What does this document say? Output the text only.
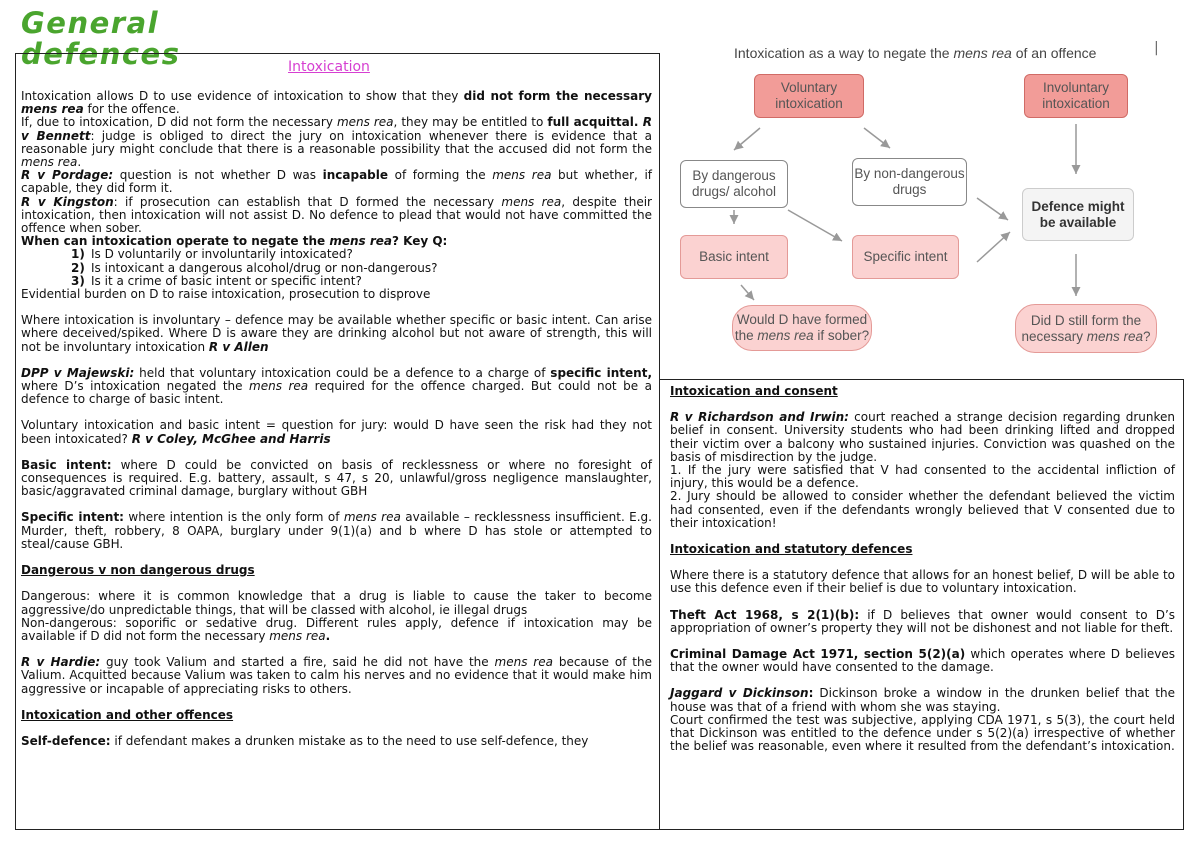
General
defences	Intoxication

Intoxication allows D to use evidence of intoxication to show that they did not form the necessary mens rea for the offence.

If, due to intoxication, D did not form the necessary mens rea, they may be entitled to full acquittal. R v Bennett: judge is obliged to direct the jury on intoxication whenever there is evidence that a reasonable jury might conclude that there is a reasonable possibility that the accused did not form the mens rea.

R v Pordage: question is not whether D was incapable of forming the mens rea but whether, if capable, they did form it.

R v Kingston: if prosecution can establish that D formed the necessary mens rea, despite their intoxication, then intoxication will not assist D. No defence to plead that would not have committed the offence when sober.

When can intoxication operate to negate the mens rea? Key Q:

1) Is D voluntarily or involuntarily intoxicated?
2) Is intoxicant a dangerous alcohol/drug or non-dangerous?
3) Is it a crime of basic intent or specific intent?

Evidential burden on D to raise intoxication, prosecution to disprove

Where intoxication is involuntary – defence may be available whether specific or basic intent. Can arise where deceived/spiked. Where D is aware they are drinking alcohol but not aware of strength, this will not be involuntary intoxication R v Allen

DPP v Majewski: held that voluntary intoxication could be a defence to a charge of specific intent, where D’s intoxication negated the mens rea required for the offence charged. But could not be a defence to charge of basic intent.

Voluntary intoxication and basic intent = question for jury: would D have seen the risk had they not been intoxicated? R v Coley, McGhee and Harris

Basic intent: where D could be convicted on basis of recklessness or where no foresight of consequences is required. E.g. battery, assault, s 47, s 20, unlawful/gross negligence manslaughter, basic/aggravated criminal damage, burglary without GBH

Specific intent: where intention is the only form of mens rea available – recklessness insufficient. E.g. Murder, theft, robbery, 8 OAPA, burglary under 9(1)(a) and b where D has stole or attempted to steal/cause GBH.

Dangerous v non dangerous drugs

Dangerous: where it is common knowledge that a drug is liable to cause the taker to become aggressive/do unpredictable things, that will be classed with alcohol, ie illegal drugs

Non-dangerous: soporific or sedative drug. Different rules apply, defence if intoxication may be available if D did not form the necessary mens rea.

R v Hardie: guy took Valium and started a fire, said he did not have the mens rea because of the Valium. Acquitted because Valium was taken to calm his nerves and no evidence that it would make him aggressive or incapable of appreciating risks to others.

Intoxication and other offences

Self-defence: if defendant makes a drunken mistake as to the need to use self-defence, they

Intoxication as a way to negate the mens rea of an offence	|
Voluntary intoxication
Involuntary intoxication
By dangerous drugs/ alcohol
By non-dangerous drugs
Defence might be available
Basic intent	Specific intent
Would D have formed the mens rea if sober?
Did D still form the necessary mens rea?

Intoxication and consent

R v Richardson and Irwin: court reached a strange decision regarding drunken belief in consent. University students who had been drinking lifted and dropped their victim over a balcony who sustained injuries. Conviction was quashed on the basis of misdirection by the judge.

1. If the jury were satisfied that V had consented to the accidental infliction of injury, this would be a defence.

2. Jury should be allowed to consider whether the defendant believed the victim had consented, even if the defendants wrongly believed that V consented due to their intoxication!

Intoxication and statutory defences

Where there is a statutory defence that allows for an honest belief, D will be able to use this defence even if their belief is due to voluntary intoxication.

Theft Act 1968, s 2(1)(b): if D believes that owner would consent to D’s appropriation of owner’s property they will not be dishonest and not liable for theft.

Criminal Damage Act 1971, section 5(2)(a) which operates where D believes that the owner would have consented to the damage.

Jaggard v Dickinson: Dickinson broke a window in the drunken belief that the house was that of a friend with whom she was staying.

Court confirmed the test was subjective, applying CDA 1971, s 5(3), the court held that Dickinson was entitled to the defence under s 5(2)(a) irrespective of whether the belief was reasonable, even where it resulted from the defendant’s intoxication.
